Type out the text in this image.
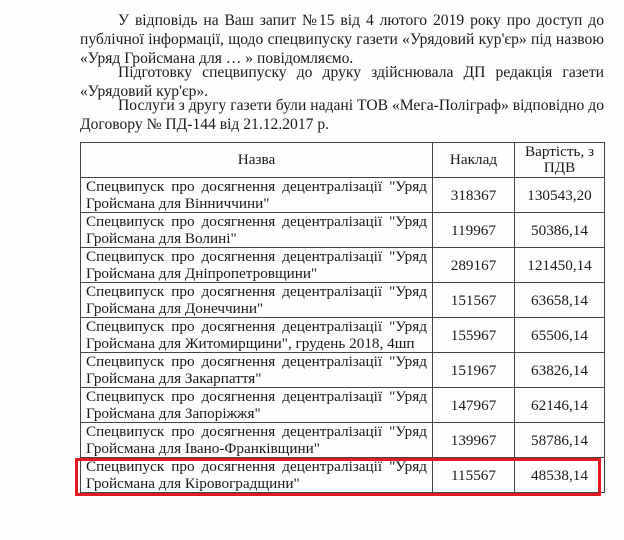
У відповідь на Ваш запит №15 від 4 лютого 2019 року про доступ до
публічної інформації, щодо спецвипуску газети «Урядовий кур'єр» під назвою
«Уряд Гройсмана для … » повідомляємо.

Підготовку спецвипуску до друку здійснювала ДП редакція газети
«Урядовий кур'єр».

Послуги з другу газети були надані ТОВ «Мега-Поліграф» відповідно до
Договору № ПД-144 від 21.12.2017 р.

Назва	Наклад	Вартість, з
ПДВ

Спецвипуск про досягнення децентралізації "Уряд
Гройсмана для Вінниччини"	318367	130543,20

Спецвипуск про досягнення децентралізації "Уряд
Гройсмана для Волині"	119967	50386,14

Спецвипуск про досягнення децентралізації "Уряд
Гройсмана для Дніпропетровщини"	289167	121450,14

Спецвипуск про досягнення децентралізації "Уряд
Гройсмана для Донеччини"	151567	63658,14

Спецвипуск про досягнення децентралізації "Уряд
Гройсмана для Житомирщини", грудень 2018, 4шп	155967	65506,14

Спецвипуск про досягнення децентралізації "Уряд
Гройсмана для Закарпаття"	151967	63826,14

Спецвипуск про досягнення децентралізації "Уряд
Гройсмана для Запоріжжя"	147967	62146,14

Спецвипуск про досягнення децентралізації "Уряд
Гройсмана для Івано-Франківщини"	139967	58786,14

Спецвипуск про досягнення децентралізації "Уряд
Гройсмана для Кіровоградщини"	115567	48538,14
